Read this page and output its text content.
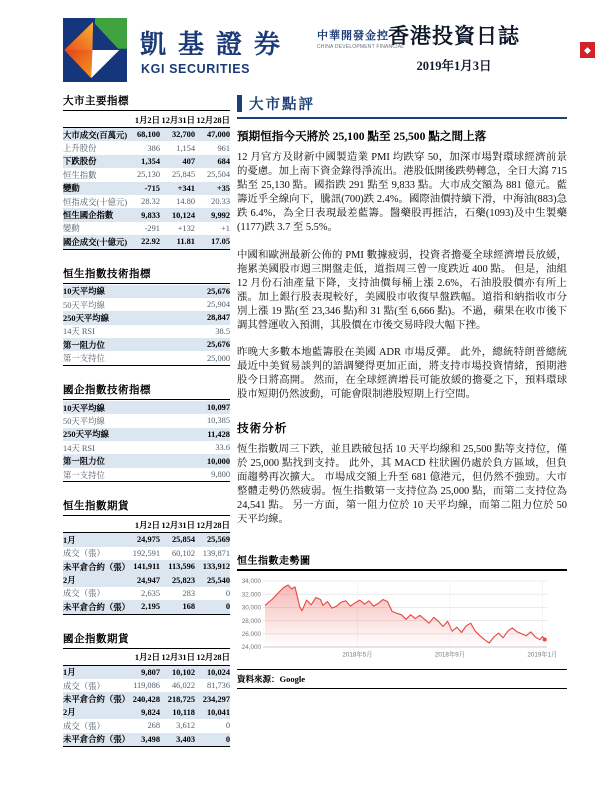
凱基證券
KGI SECURITIES
中華開發金控
CHINA DEVELOPMENT FINANCIAL
香港投資日誌
2019年1月3日
◆
大市主要指標
1月2日 12月31日 12月28日
大市成交(百萬元)	68,100	32,700	47,000
上升股份	386	1,154	961
下跌股份	1,354	407	684
恒生指數	25,130	25,845	25,504
變動	-715	+341	+35
恒指成交(十億元)	28.32	14.80	20.33
恒生國企指數	9,833	10,124	9,992
變動	-291	+132	+1
國企成交(十億元)	22.92	11.81	17.05
恒生指數技術指標
10天平均線	25,676
50天平均線	25,904
250天平均線	28,847
14天 RSI	38.5
第一阻力位	25,676
第一支持位	25,000
國企指數技術指標
10天平均線	10,097
50天平均線	10,385
250天平均線	11,428
14天 RSI	33.6
第一阻力位	10,000
第一支持位	9,800
恒生指數期貨
1月2日 12月31日 12月28日
1月	24,975	25,854	25,569
成交（張）	192,591	60,102 139,871
未平倉合約（張） 141,911 113,596 133,912
2月	24,947	25,823	25,540
成交（張）	2,635	283	0
未平倉合約（張）	2,195	168	0
國企指數期貨
1月2日 12月31日 12月28日
1月	9,807	10,102	10,024
成交（張）	119,086	46,022	81,736
未平倉合約（張） 240,428 218,725 234,297
2月	9,824	10,118	10,041
成交（張）	268	3,612	0
未平倉合約（張）	3,498	3,403	0
大市點評
預期恒指今天將於 25,100 點至 25,500 點之間上落

12 月官方及財新中國製造業 PMI 均跌穿 50，加深市場對環球經濟前景的憂慮。加上南下資金錄得淨流出。港股低開後跌勢轉急，全日大瀉 715 點至 25,130 點。國指跌 291 點至 9,833 點。大市成交額為 881 億元。藍籌近乎全線向下，騰訊(700)跌 2.4%。國際油價持續下滑，中海油(883)急跌 6.4%，為全日表現最差藍籌。醫藥股再捱沽，石藥(1093)及中生製藥(1177)跌 3.7 至 5.5%。

中國和歐洲最新公佈的 PMI 數據疲弱，投資者擔憂全球經濟增長放緩，拖累美國股市週三開盤走低，道指周三曾一度跌近 400 點。 但是，油組 12 月份石油產量下降，支持油價每桶上漲 2.6%，石油股股價亦有所上漲。加上銀行股表現較好，美國股市收復早盤跌幅。道指和納指收市分別上漲 19 點(至 23,346 點)和 31 點(至 6,666 點)。不過，蘋果在收市後下調其營運收入預測，其股價在市後交易時段大幅下挫。

昨晚大多數本地藍籌股在美國 ADR 市場反彈。 此外，總統特朗普總統最近中美貿易談判的語調變得更加正面，將支持市場投資情緒，預期港股今日將高開。 然而，在全球經濟增長可能放緩的擔憂之下，預料環球股市短期仍然波動，可能會限制港股短期上行空間。

技術分析

恆生指數周三下跌，並且跌破包括 10 天平均線和 25,500 點等支持位，僅於 25,000 點找到支持。 此外，其 MACD 柱狀圖仍處於負方區域，但負面趨勢再次擴大。 市場成交額上升至 681 億港元，但仍然不強勁。大市整體走勢仍然疲弱。恆生指數第一支持位為 25,000 點，而第二支持位為 24,541 點。 另一方面，第一阻力位於 10 天平均線，而第二阻力位於 50 天平均線。

恒生指數走勢圖
24,000
26,000
28,000
30,000
32,000
34,000
2018年5月	2018年9月	2019年1月
資料來源：Google
